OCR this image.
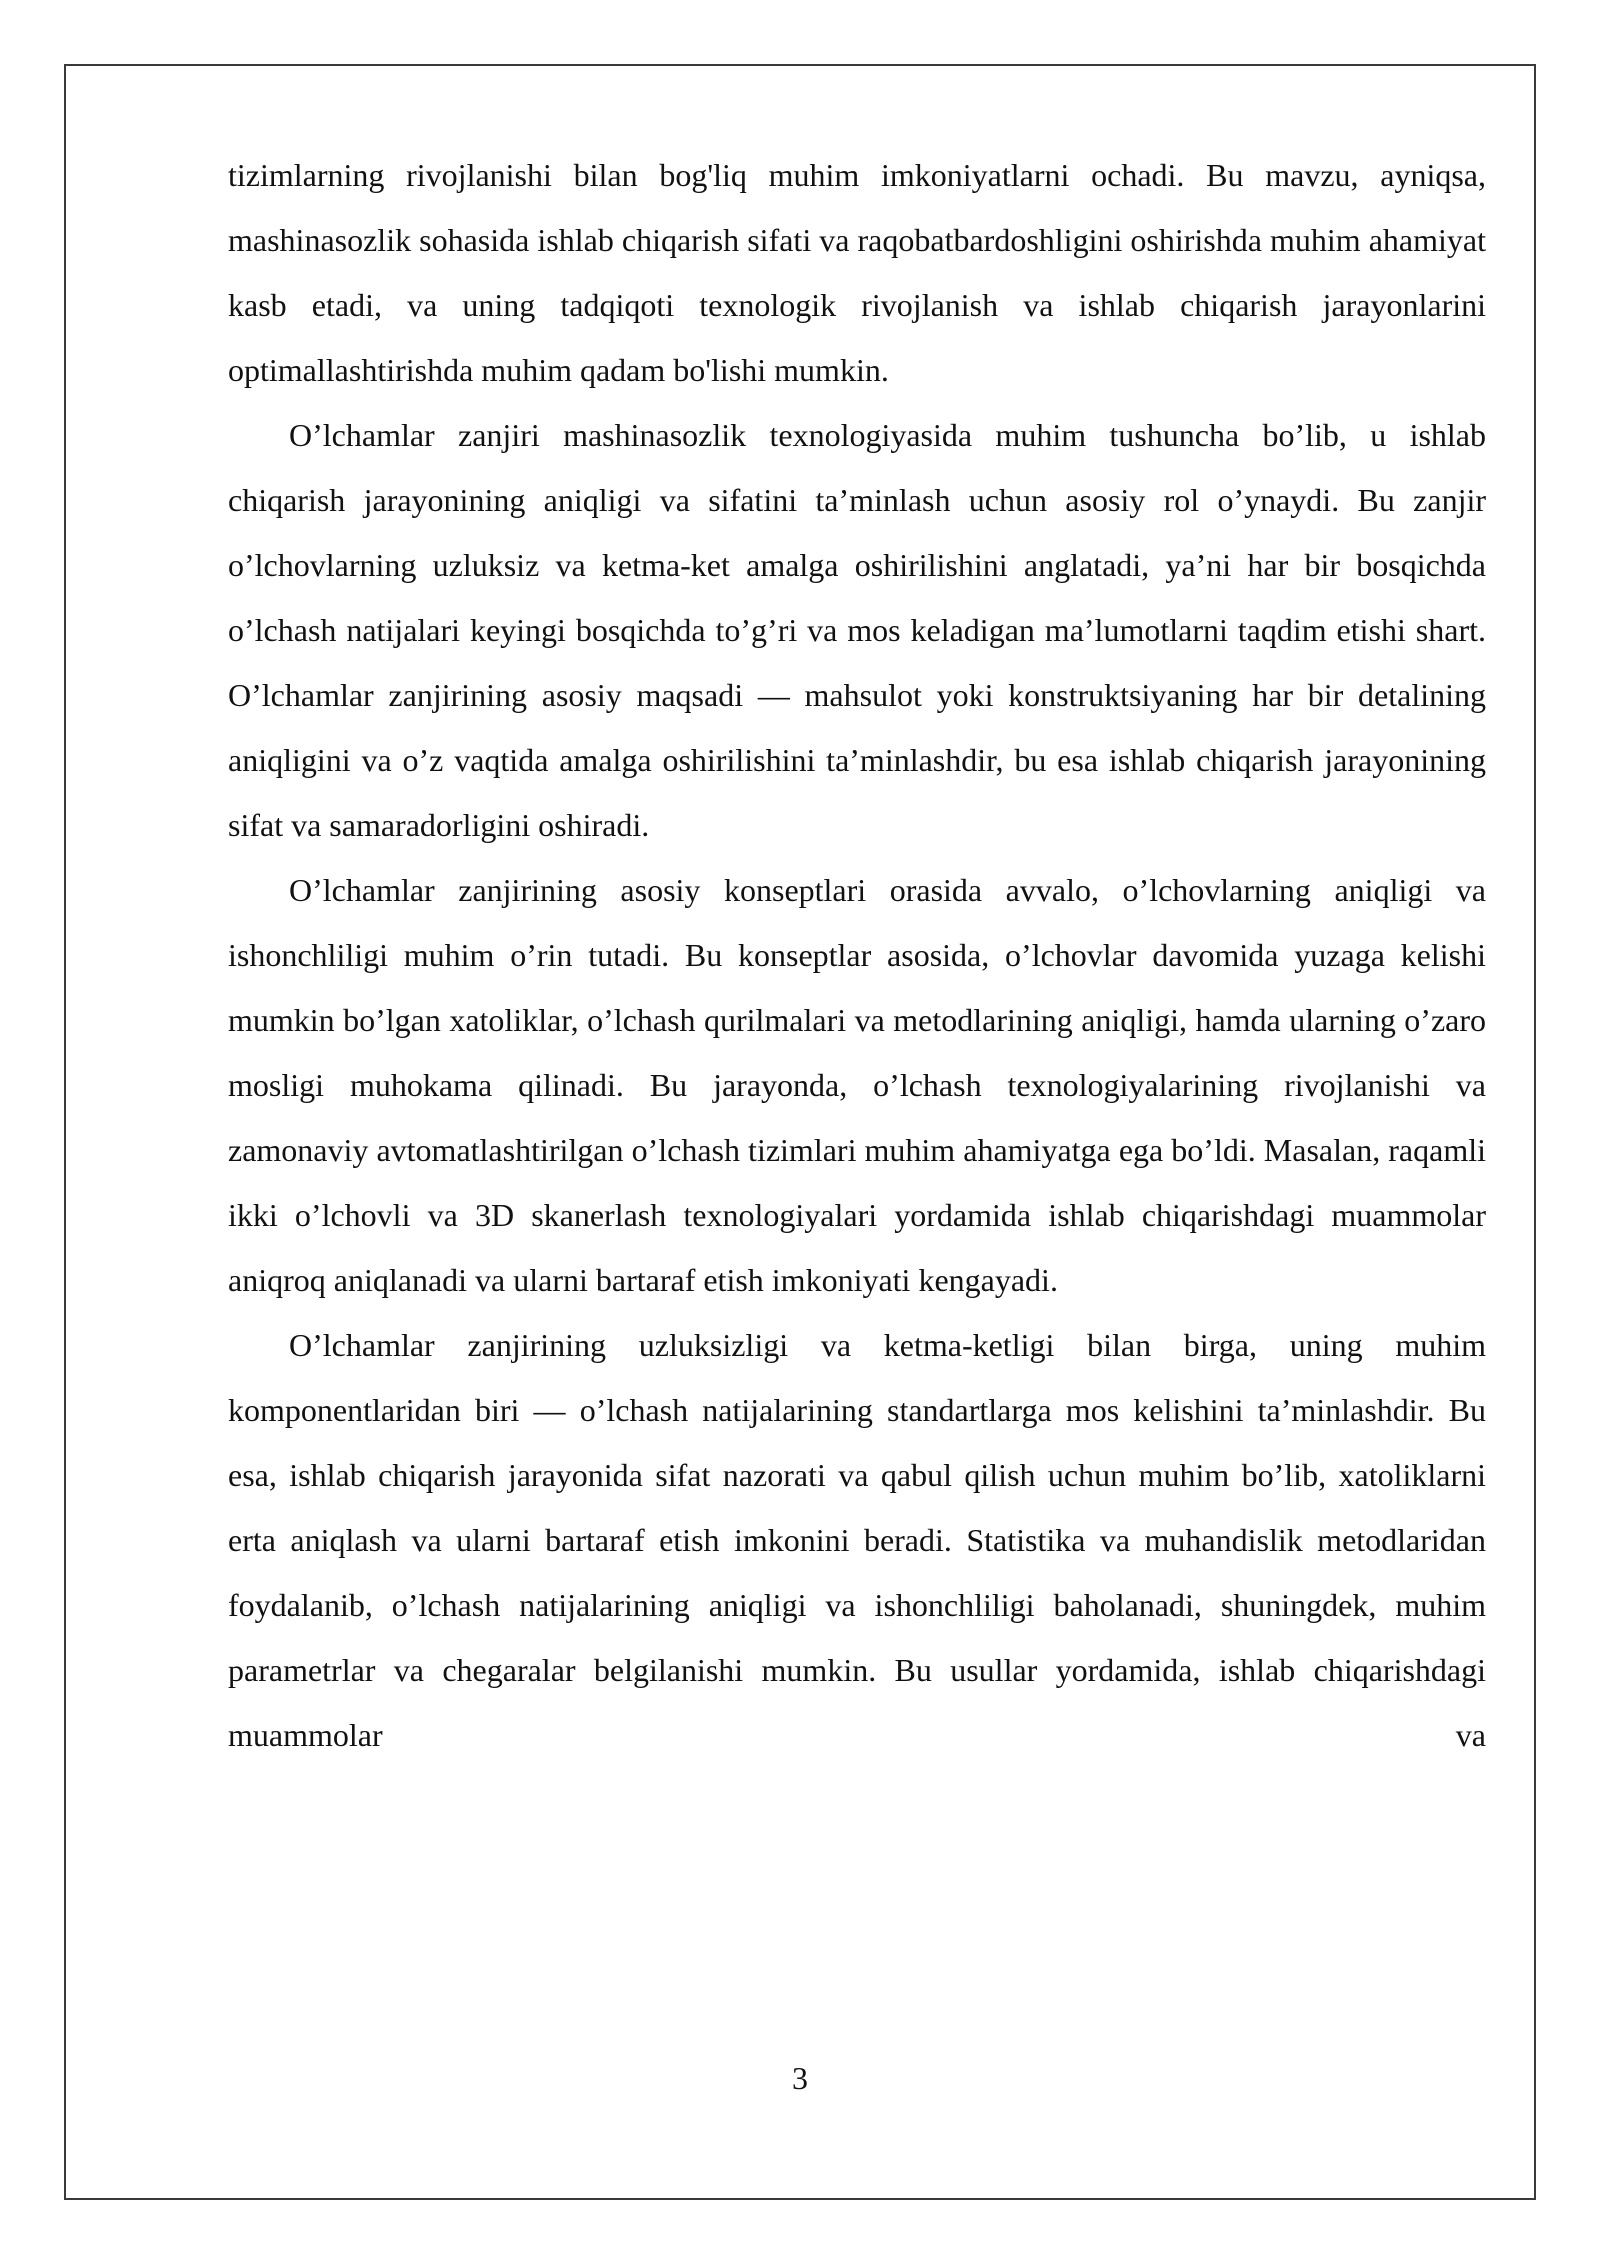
tizimlarning rivojlanishi bilan bog'liq muhim imkoniyatlarni ochadi. Bu mavzu, ayniqsa, mashinasozlik sohasida ishlab chiqarish sifati va raqobatbardoshligini oshirishda muhim ahamiyat kasb etadi, va uning tadqiqoti texnologik rivojlanish va ishlab chiqarish jarayonlarini optimallashtirishda muhim qadam bo'lishi mumkin.

O’lchamlar zanjiri mashinasozlik texnologiyasida muhim tushuncha bo’lib, u ishlab chiqarish jarayonining aniqligi va sifatini ta’minlash uchun asosiy rol o’ynaydi. Bu zanjir o’lchovlarning uzluksiz va ketma-ket amalga oshirilishini anglatadi, ya’ni har bir bosqichda o’lchash natijalari keyingi bosqichda to’g’ri va mos keladigan ma’lumotlarni taqdim etishi shart. O’lchamlar zanjirining asosiy maqsadi — mahsulot yoki konstruktsiyaning har bir detalining aniqligini va o’z vaqtida amalga oshirilishini ta’minlashdir, bu esa ishlab chiqarish jarayonining sifat va samaradorligini oshiradi.

O’lchamlar zanjirining asosiy konseptlari orasida avvalo, o’lchovlarning aniqligi va ishonchliligi muhim o’rin tutadi. Bu konseptlar asosida, o’lchovlar davomida yuzaga kelishi mumkin bo’lgan xatoliklar, o’lchash qurilmalari va metodlarining aniqligi, hamda ularning o’zaro mosligi muhokama qilinadi. Bu jarayonda, o’lchash texnologiyalarining rivojlanishi va zamonaviy avtomatlashtirilgan o’lchash tizimlari muhim ahamiyatga ega bo’ldi. Masalan, raqamli ikki o’lchovli va 3D skanerlash texnologiyalari yordamida ishlab chiqarishdagi muammolar aniqroq aniqlanadi va ularni bartaraf etish imkoniyati kengayadi.

O’lchamlar zanjirining uzluksizligi va ketma-ketligi bilan birga, uning muhim komponentlaridan biri — o’lchash natijalarining standartlarga mos kelishini ta’minlashdir. Bu esa, ishlab chiqarish jarayonida sifat nazorati va qabul qilish uchun muhim bo’lib, xatoliklarni erta aniqlash va ularni bartaraf etish imkonini beradi. Statistika va muhandislik metodlaridan foydalanib, o’lchash natijalarining aniqligi va ishonchliligi baholanadi, shuningdek, muhim parametrlar va chegaralar belgilanishi mumkin. Bu usullar yordamida, ishlab chiqarishdagi muammolar va

3
